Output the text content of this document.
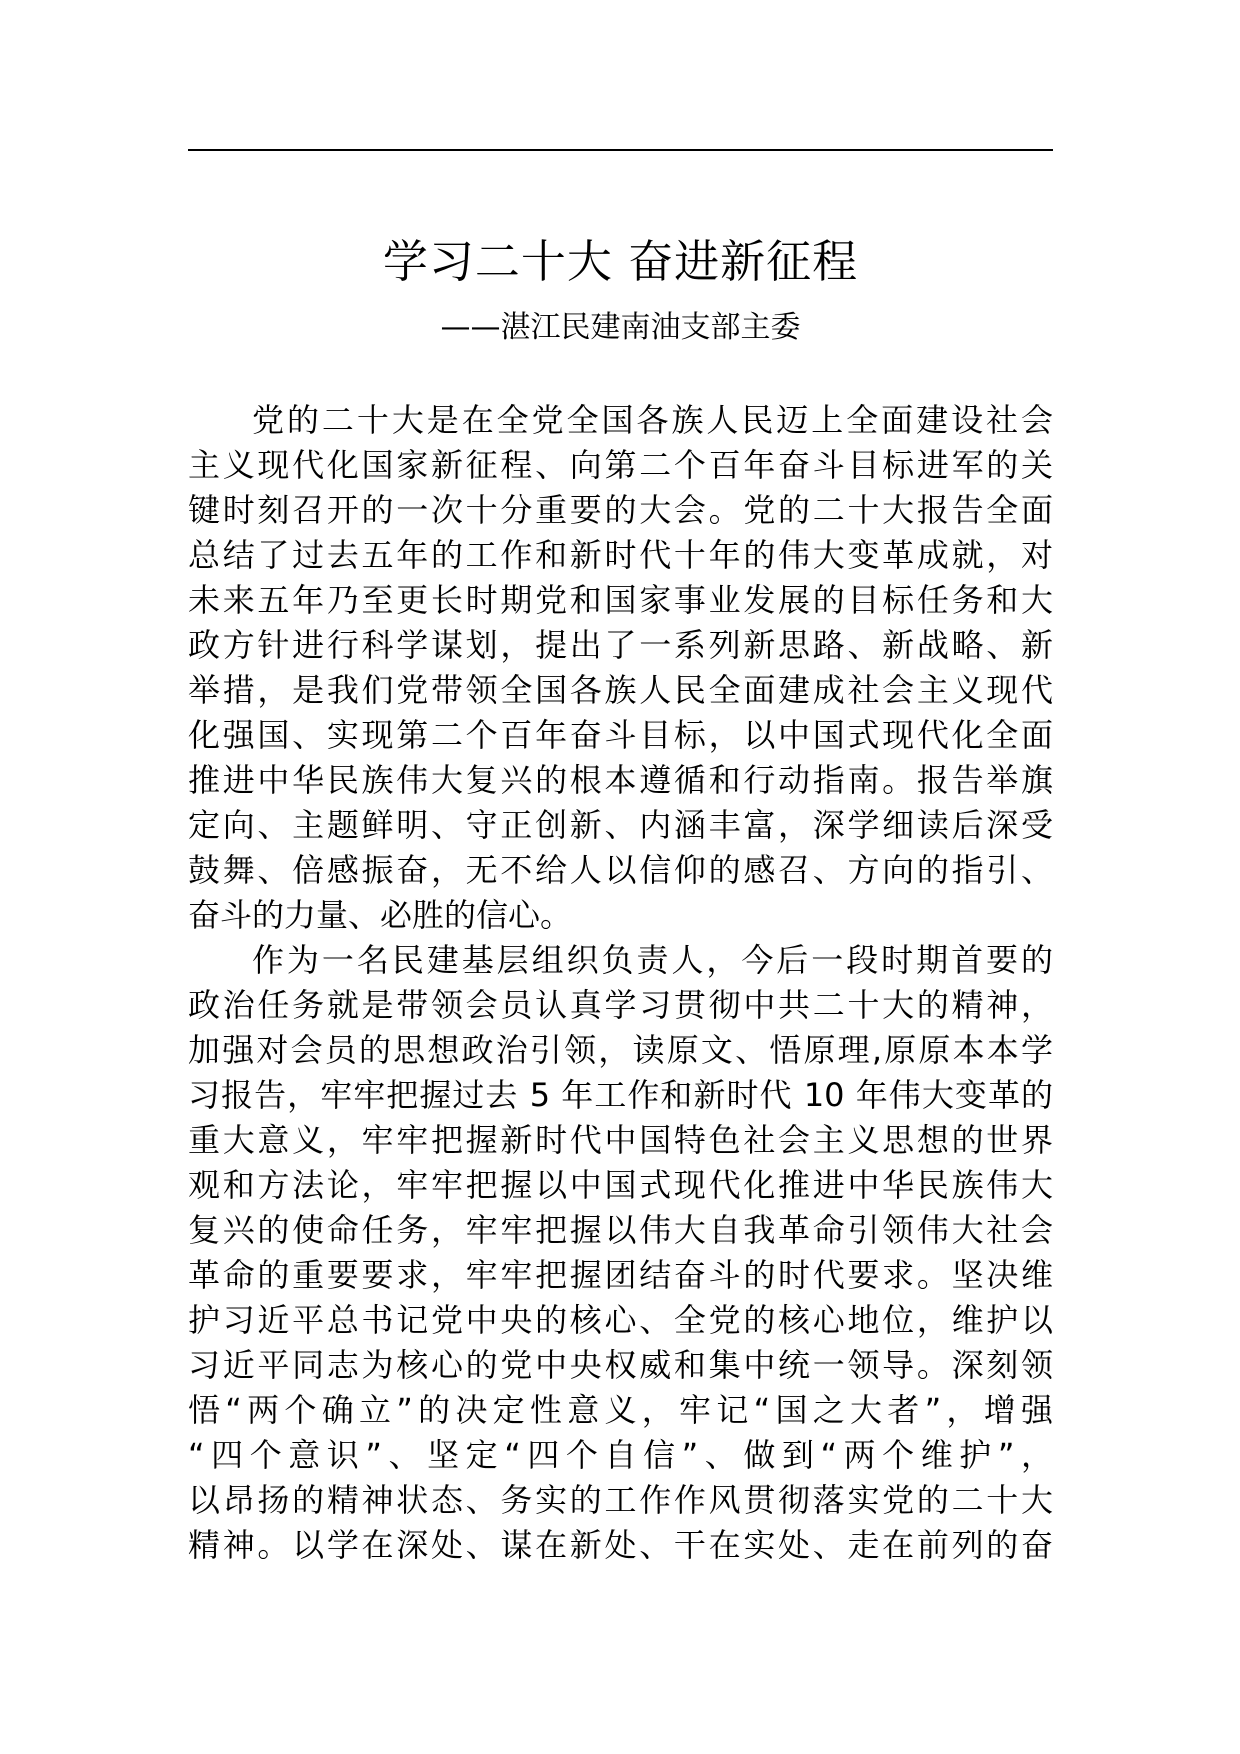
学习二十大 奋进新征程
——湛江民建南油支部主委
党的二十大是在全党全国各族人民迈上全面建设社会
主义现代化国家新征程、向第二个百年奋斗目标进军的关
键时刻召开的一次十分重要的大会。党的二十大报告全面
总结了过去五年的工作和新时代十年的伟大变革成就，对
未来五年乃至更长时期党和国家事业发展的目标任务和大
政方针进行科学谋划，提出了一系列新思路、新战略、新
举措，是我们党带领全国各族人民全面建成社会主义现代
化强国、实现第二个百年奋斗目标，以中国式现代化全面
推进中华民族伟大复兴的根本遵循和行动指南。报告举旗
定向、主题鲜明、守正创新、内涵丰富，深学细读后深受
鼓舞、倍感振奋，无不给人以信仰的感召、方向的指引、
奋斗的力量、必胜的信心。
作为一名民建基层组织负责人，今后一段时期首要的
政治任务就是带领会员认真学习贯彻中共二十大的精神，
加强对会员的思想政治引领，读原文、悟原理,原原本本学
习报告，牢牢把握过去 5 年工作和新时代 10 年伟大变革的
重大意义，牢牢把握新时代中国特色社会主义思想的世界
观和方法论，牢牢把握以中国式现代化推进中华民族伟大
复兴的使命任务，牢牢把握以伟大自我革命引领伟大社会
革命的重要要求，牢牢把握团结奋斗的时代要求。坚决维
护习近平总书记党中央的核心、全党的核心地位，维护以
习近平同志为核心的党中央权威和集中统一领导。深刻领
悟“两个确立”的决定性意义，牢记“国之大者”，增强
“四个意识”、坚定“四个自信”、做到“两个维护”，
以昂扬的精神状态、务实的工作作风贯彻落实党的二十大
精神。以学在深处、谋在新处、干在实处、走在前列的奋
